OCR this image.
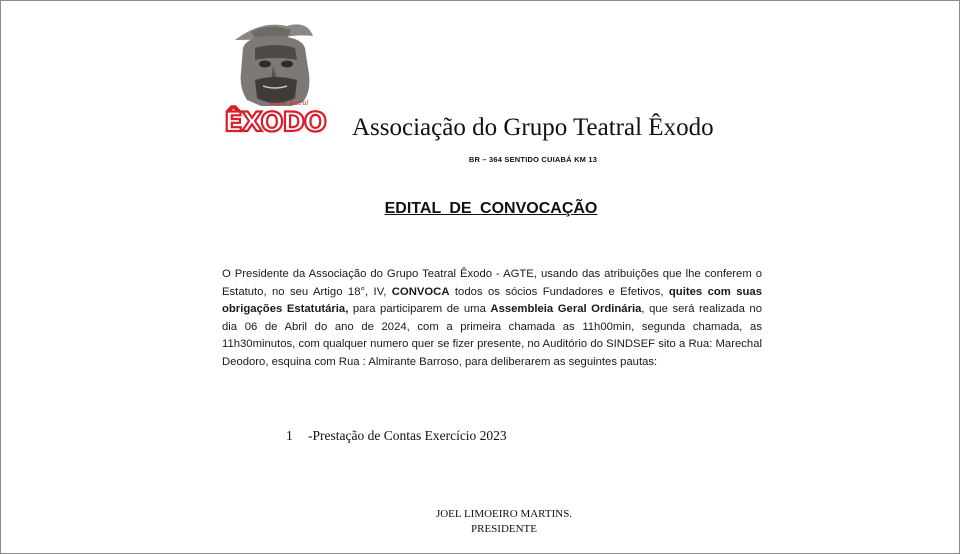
Clube Teatral
ÊXODO Associação do Grupo Teatral Êxodo
BR – 364 SENTIDO CUIABÁ KM 13
EDITAL DE CONVOCAÇÃO
O Presidente da Associação do Grupo Teatral Êxodo - AGTE, usando das atribuições que lhe conferem o Estatuto, no seu Artigo 18°, IV, CONVOCA todos os sócios Fundadores e Efetivos, quites com suas obrigações Estatutária, para participarem de uma Assembleia Geral Ordinária, que será realizada no dia 06 de Abril do ano de 2024, com a primeira chamada as 11h00min, segunda chamada, as 11h30minutos, com qualquer numero quer se fizer presente, no Auditório do SINDSEF sito a Rua: Marechal Deodoro, esquina com Rua : Almirante Barroso, para deliberarem as seguintes pautas:
1 -Prestação de Contas Exercício 2023
JOEL LIMOEIRO MARTINS.
PRESIDENTE
